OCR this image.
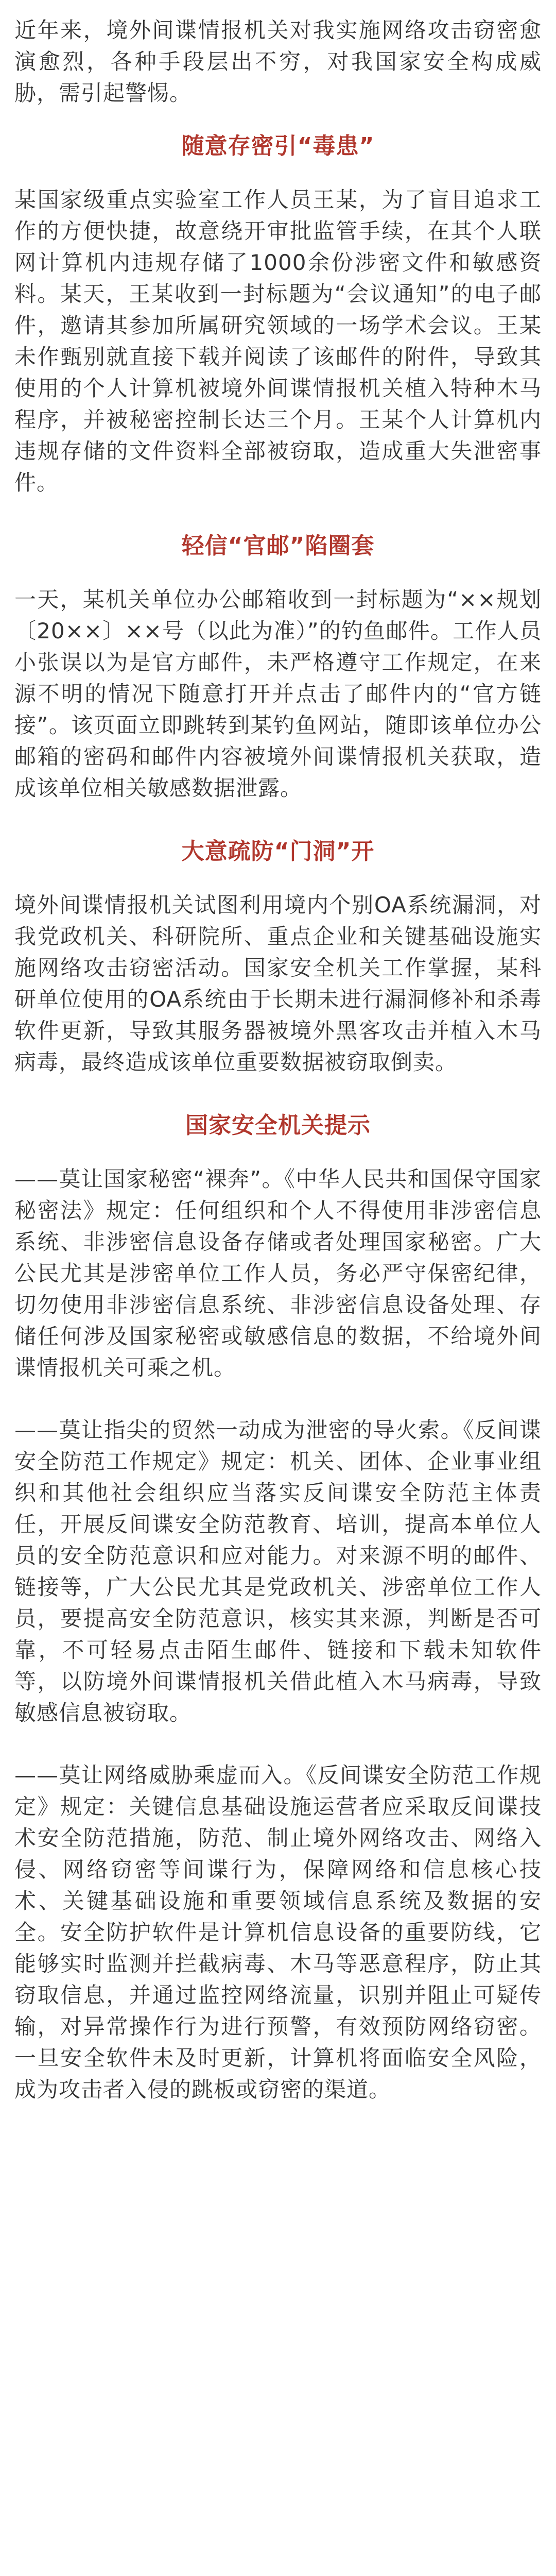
近年来，境外间谍情报机关对我实施网络攻击窃密愈演愈烈，各种手段层出不穷，对我国家安全构成威胁，需引起警惕。

随意存密引“毒患”

某国家级重点实验室工作人员王某，为了盲目追求工作的方便快捷，故意绕开审批监管手续，在其个人联网计算机内违规存储了1000余份涉密文件和敏感资料。某天，王某收到一封标题为“会议通知”的电子邮件，邀请其参加所属研究领域的一场学术会议。王某未作甄别就直接下载并阅读了该邮件的附件，导致其使用的个人计算机被境外间谍情报机关植入特种木马程序，并被秘密控制长达三个月。王某个人计算机内违规存储的文件资料全部被窃取，造成重大失泄密事件。

轻信“官邮”陷圈套

一天，某机关单位办公邮箱收到一封标题为“××规划〔20××〕××号（以此为准）”的钓鱼邮件。工作人员小张误以为是官方邮件，未严格遵守工作规定，在来源不明的情况下随意打开并点击了邮件内的“官方链接”。该页面立即跳转到某钓鱼网站，随即该单位办公邮箱的密码和邮件内容被境外间谍情报机关获取，造成该单位相关敏感数据泄露。

大意疏防“门洞”开

境外间谍情报机关试图利用境内个别OA系统漏洞，对我党政机关、科研院所、重点企业和关键基础设施实施网络攻击窃密活动。国家安全机关工作掌握，某科研单位使用的OA系统由于长期未进行漏洞修补和杀毒软件更新，导致其服务器被境外黑客攻击并植入木马病毒，最终造成该单位重要数据被窃取倒卖。

国家安全机关提示

——莫让国家秘密“裸奔”。《中华人民共和国保守国家秘密法》规定：任何组织和个人不得使用非涉密信息系统、非涉密信息设备存储或者处理国家秘密。广大公民尤其是涉密单位工作人员，务必严守保密纪律，切勿使用非涉密信息系统、非涉密信息设备处理、存储任何涉及国家秘密或敏感信息的数据，不给境外间谍情报机关可乘之机。

——莫让指尖的贸然一动成为泄密的导火索。《反间谍安全防范工作规定》规定：机关、团体、企业事业组织和其他社会组织应当落实反间谍安全防范主体责任，开展反间谍安全防范教育、培训，提高本单位人员的安全防范意识和应对能力。对来源不明的邮件、链接等，广大公民尤其是党政机关、涉密单位工作人员，要提高安全防范意识，核实其来源，判断是否可靠，不可轻易点击陌生邮件、链接和下载未知软件等，以防境外间谍情报机关借此植入木马病毒，导致敏感信息被窃取。

——莫让网络威胁乘虚而入。《反间谍安全防范工作规定》规定：关键信息基础设施运营者应采取反间谍技术安全防范措施，防范、制止境外网络攻击、网络入侵、网络窃密等间谍行为，保障网络和信息核心技术、关键基础设施和重要领域信息系统及数据的安全。安全防护软件是计算机信息设备的重要防线，它能够实时监测并拦截病毒、木马等恶意程序，防止其窃取信息，并通过监控网络流量，识别并阻止可疑传输，对异常操作行为进行预警，有效预防网络窃密。一旦安全软件未及时更新，计算机将面临安全风险，成为攻击者入侵的跳板或窃密的渠道。
